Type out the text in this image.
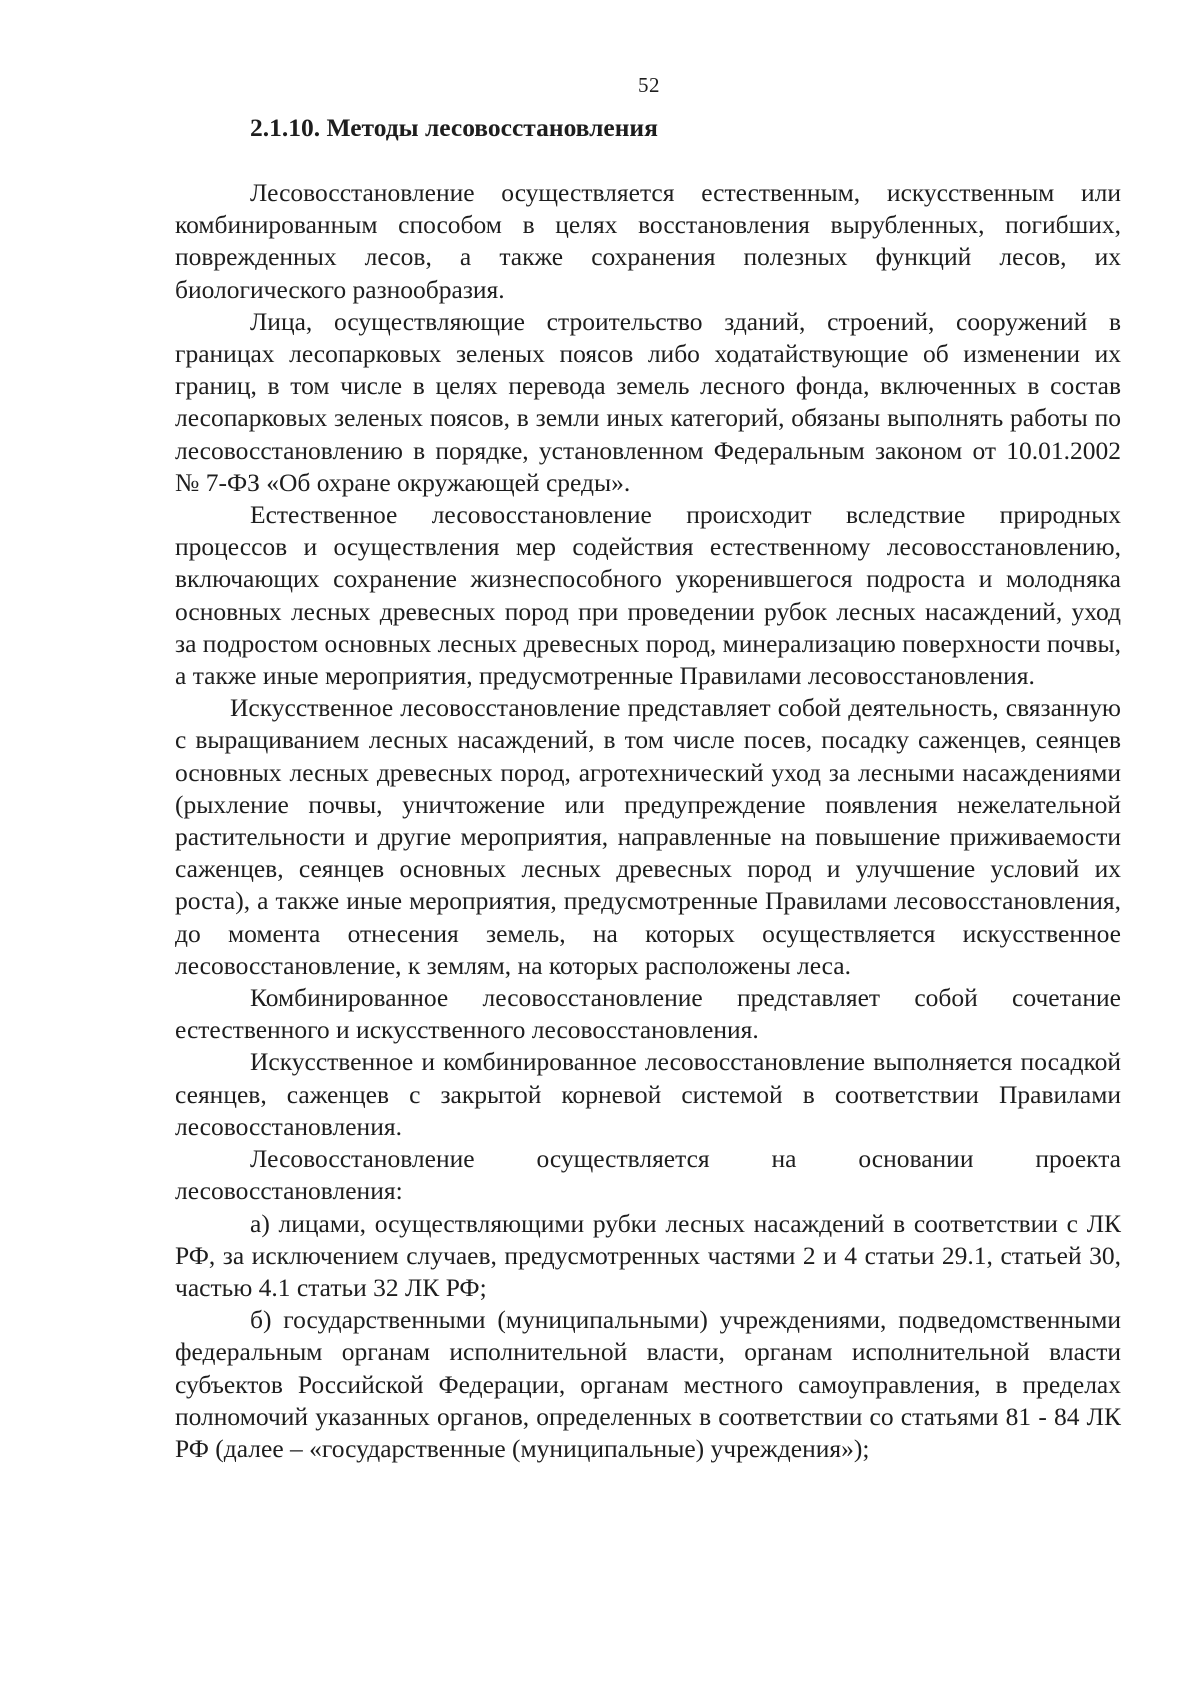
52
2.1.10. Методы лесовосстановления

Лесовосстановление осуществляется естественным, искусственным или комбинированным способом в целях восстановления вырубленных, погибших, поврежденных лесов, а также сохранения полезных функций лесов, их биологического разнообразия.

Лица, осуществляющие строительство зданий, строений, сооружений в границах лесопарковых зеленых поясов либо ходатайствующие об изменении их границ, в том числе в целях перевода земель лесного фонда, включенных в состав лесопарковых зеленых поясов, в земли иных категорий, обязаны выполнять работы по лесовосстановлению в порядке, установленном Федеральным законом от 10.01.2002 № 7-ФЗ «Об охране окружающей среды».

Естественное лесовосстановление происходит вследствие природных процессов и осуществления мер содействия естественному лесовосстановлению, включающих сохранение жизнеспособного укоренившегося подроста и молодняка основных лесных древесных пород при проведении рубок лесных насаждений, уход за подростом основных лесных древесных пород, минерализацию поверхности почвы, а также иные мероприятия, предусмотренные Правилами лесовосстановления.

Искусственное лесовосстановление представляет собой деятельность, связанную с выращиванием лесных насаждений, в том числе посев, посадку саженцев, сеянцев основных лесных древесных пород, агротехнический уход за лесными насаждениями (рыхление почвы, уничтожение или предупреждение появления нежелательной растительности и другие мероприятия, направленные на повышение приживаемости саженцев, сеянцев основных лесных древесных пород и улучшение условий их роста), а также иные мероприятия, предусмотренные Правилами лесовосстановления, до момента отнесения земель, на которых осуществляется искусственное лесовосстановление, к землям, на которых расположены леса.

Комбинированное лесовосстановление представляет собой сочетание естественного и искусственного лесовосстановления.

Искусственное и комбинированное лесовосстановление выполняется посадкой сеянцев, саженцев с закрытой корневой системой в соответствии Правилами лесовосстановления.

Лесовосстановление осуществляется на основании проекта лесовосстановления:

а) лицами, осуществляющими рубки лесных насаждений в соответствии с ЛК РФ, за исключением случаев, предусмотренных частями 2 и 4 статьи 29.1, статьей 30, частью 4.1 статьи 32 ЛК РФ;

б) государственными (муниципальными) учреждениями, подведомственными федеральным органам исполнительной власти, органам исполнительной власти субъектов Российской Федерации, органам местного самоуправления, в пределах полномочий указанных органов, определенных в соответствии со статьями 81 - 84 ЛК РФ (далее – «государственные (муниципальные) учреждения»);
